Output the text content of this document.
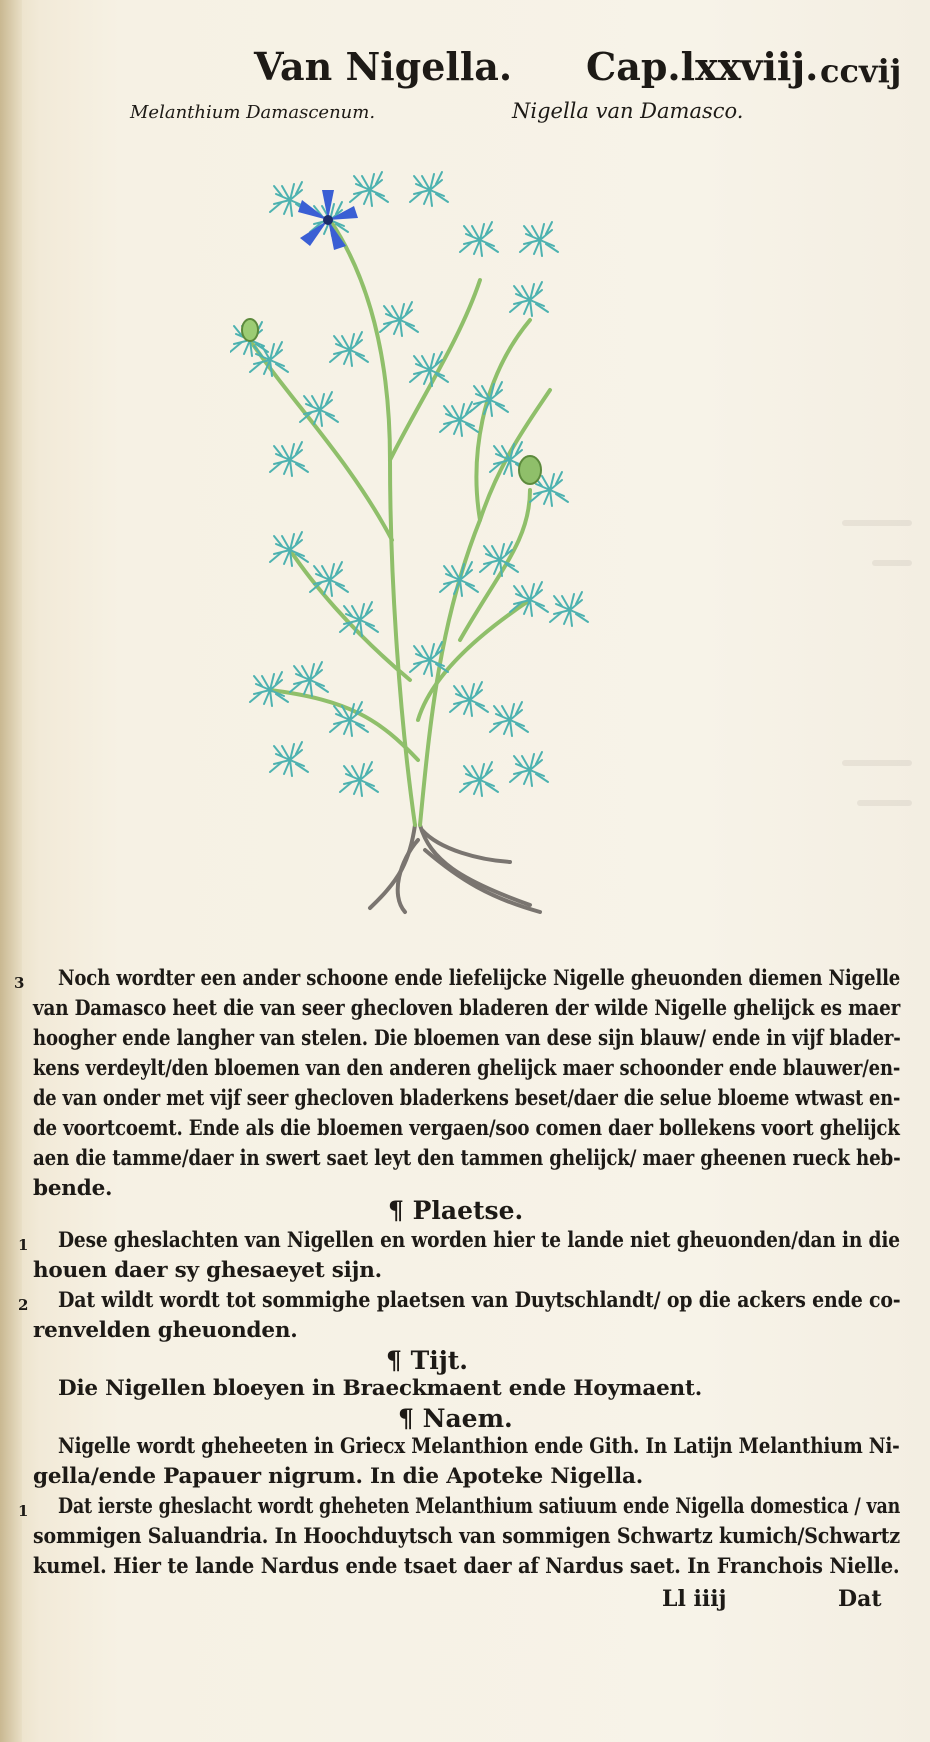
Van Nigella. Cap.lxxviij. ccvij
Melanthium Damascenum.	Nigella van Damasco.
3 Noch wordter een ander schoone ende liefelijcke Nigelle gheuonden diemen Nigelle
van Damasco heet die van seer ghecloven bladeren der wilde Nigelle ghelijck es maer
hoogher ende langher van stelen. Die bloemen van dese sijn blauw/ ende in vijf blader-
kens verdeylt/den bloemen van den anderen ghelijck maer schoonder ende blauwer/en-
de van onder met vijf seer ghecloven bladerkens beset/daer die selue bloeme wtwast en-
de voortcoemt. Ende als die bloemen vergaen/soo comen daer bollekens voort ghelijck
aen die tamme/daer in swert saet leyt den tammen ghelijck/ maer gheenen rueck heb-
bende.
¶ Plaetse.
1 Dese gheslachten van Nigellen en worden hier te lande niet gheuonden/dan in die
houen daer sy ghesaeyet sijn.
2 Dat wildt wordt tot sommighe plaetsen van Duytschlandt/ op die ackers ende co-
renvelden gheuonden.
¶ Tijt.
Die Nigellen bloeyen in Braeckmaent ende Hoymaent.
¶ Naem.
Nigelle wordt gheheeten in Griecx Melanthion ende Gith. In Latijn Melanthium Ni-
gella/ende Papauer nigrum. In die Apoteke Nigella.
1 Dat ierste gheslacht wordt gheheten Melanthium satiuum ende Nigella domestica / van
sommigen Saluandria. In Hoochduytsch van sommigen Schwartz kumich/Schwartz
kumel. Hier te lande Nardus ende tsaet daer af Nardus saet. In Franchois Nielle.
Ll iiij	Dat
